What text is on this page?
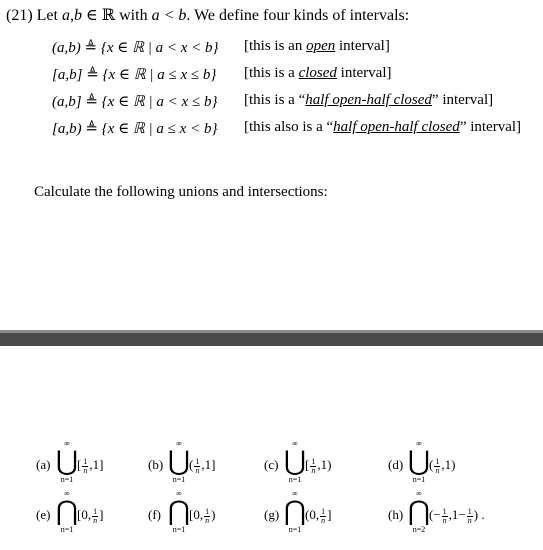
(21) Let a,b ∈ ℝ with a < b. We define four kinds of intervals:
(a,b) ≜ {x ∈ ℝ | a < x < b}	[this is an open interval]
[a,b] ≜ {x ∈ ℝ | a ≤ x ≤ b}	[this is a closed interval]
(a,b] ≜ {x ∈ ℝ | a < x ≤ b}	[this is a “half open-half closed” interval]
[a,b) ≜ {x ∈ ℝ | a ≤ x < b}	[this also is a “half open-half closed” interval]
Calculate the following unions and intersections:
(a)
∞
⋃
n=1
[ $\frac{1}{n} ,1$]	(b)
∞
⋃
n=1
( $\frac{1}{n} ,1$]	(c)
∞
⋃
n=1
[ $\frac{1}{n} ,1$)	(d)
∞
⋃
n=1
( $\frac{1}{n} ,1$)
(e)
∞
⋂
n=1
[0, $\frac{1}{n}$ ]	(f)
∞
⋂
n=1
[0, $\frac{1}{n}$ )	(g)
∞
⋂
n=1
(0, $\frac{1}{n}$ ]	(h)
∞
⋂
n=2
(− $\frac{1}{n} ,1- \frac{1}{n}$ ) .
